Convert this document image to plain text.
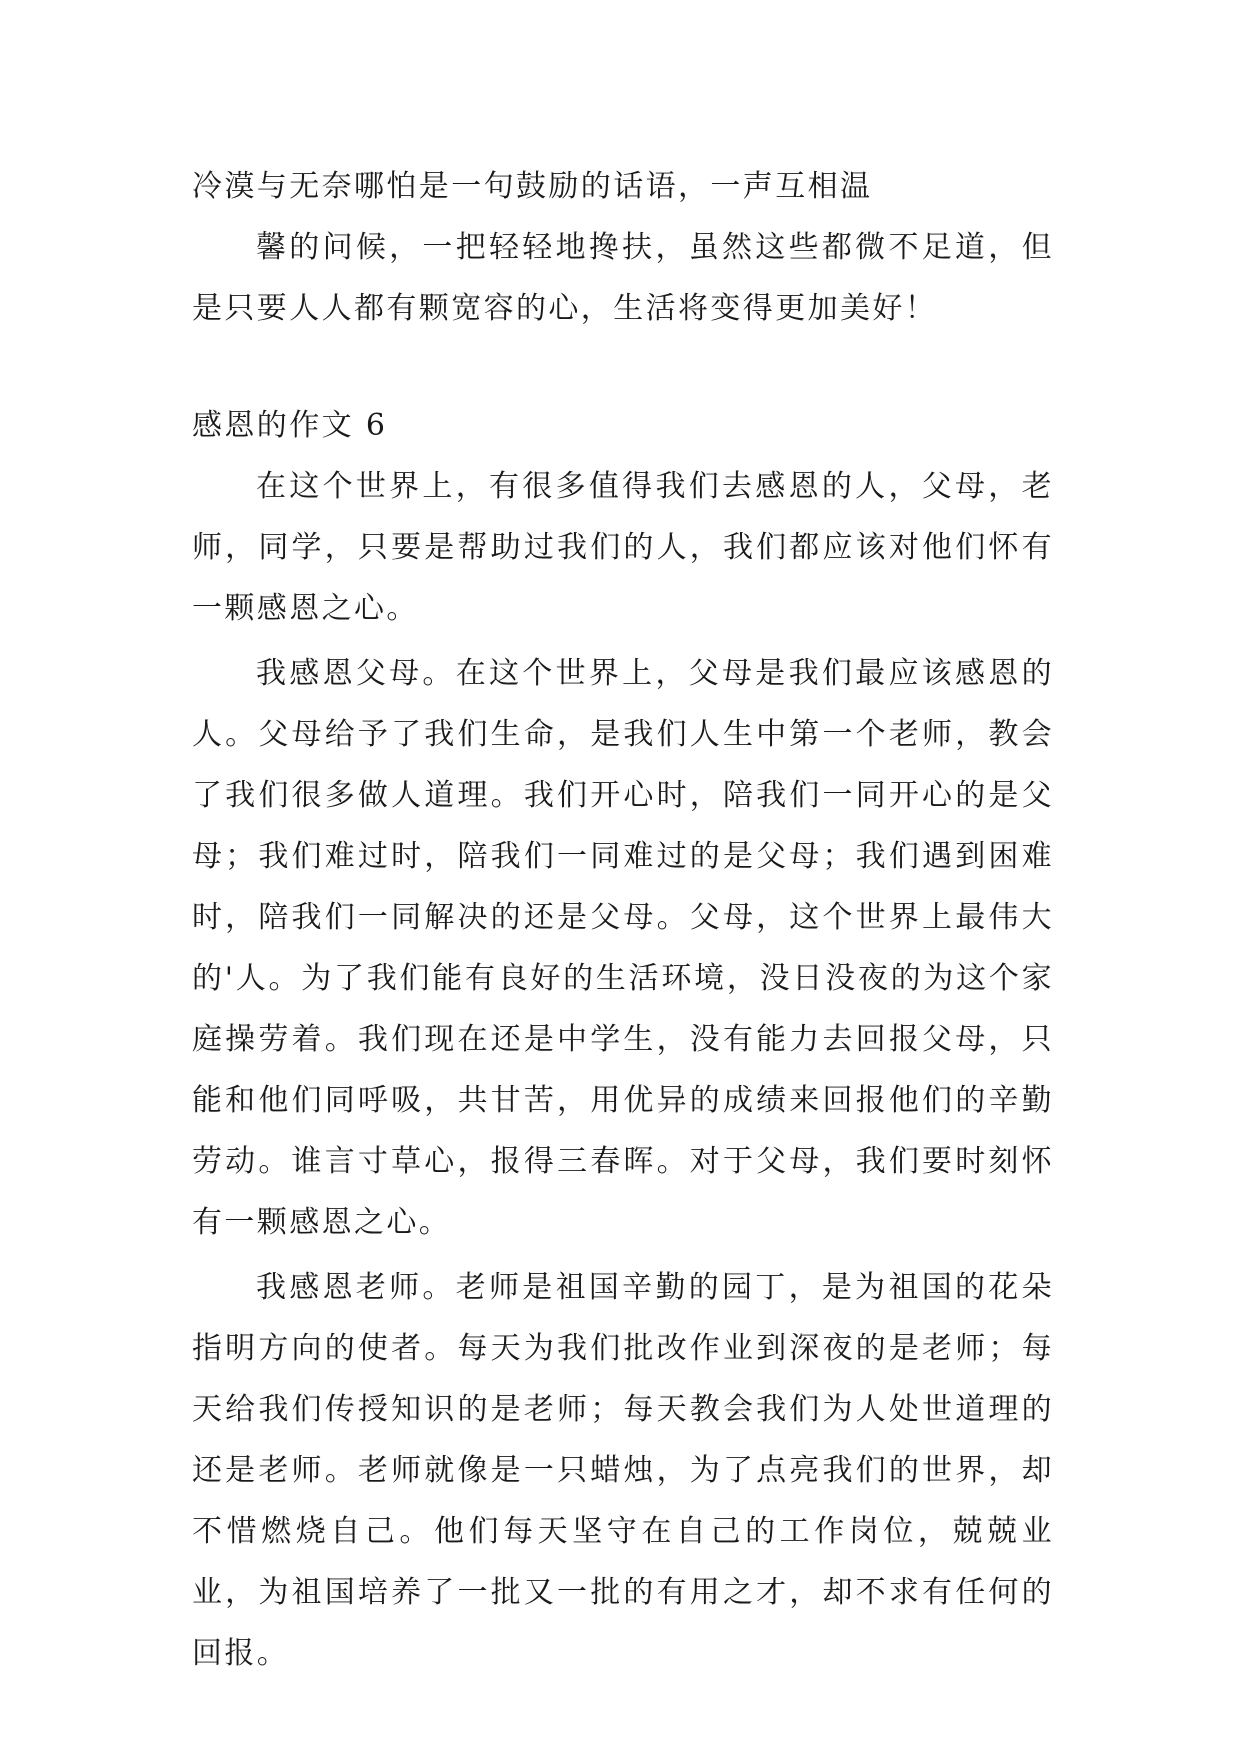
冷漠与无奈哪怕是一句鼓励的话语，一声互相温

馨的问候，一把轻轻地搀扶，虽然这些都微不足道，但是只要人人都有颗宽容的心，生活将变得更加美好！

感恩的作文 6

在这个世界上，有很多值得我们去感恩的人，父母，老师，同学，只要是帮助过我们的人，我们都应该对他们怀有一颗感恩之心。

我感恩父母。在这个世界上，父母是我们最应该感恩的人。父母给予了我们生命，是我们人生中第一个老师，教会了我们很多做人道理。我们开心时，陪我们一同开心的是父母；我们难过时，陪我们一同难过的是父母；我们遇到困难时，陪我们一同解决的还是父母。父母，这个世界上最伟大的'人。为了我们能有良好的生活环境，没日没夜的为这个家庭操劳着。我们现在还是中学生，没有能力去回报父母，只能和他们同呼吸，共甘苦，用优异的成绩来回报他们的辛勤劳动。谁言寸草心，报得三春晖。对于父母，我们要时刻怀有一颗感恩之心。

我感恩老师。老师是祖国辛勤的园丁，是为祖国的花朵指明方向的使者。每天为我们批改作业到深夜的是老师；每天给我们传授知识的是老师；每天教会我们为人处世道理的还是老师。老师就像是一只蜡烛，为了点亮我们的世界，却不惜燃烧自己。他们每天坚守在自己的工作岗位，兢兢业业，为祖国培养了一批又一批的有用之才，却不求有任何的回报。
